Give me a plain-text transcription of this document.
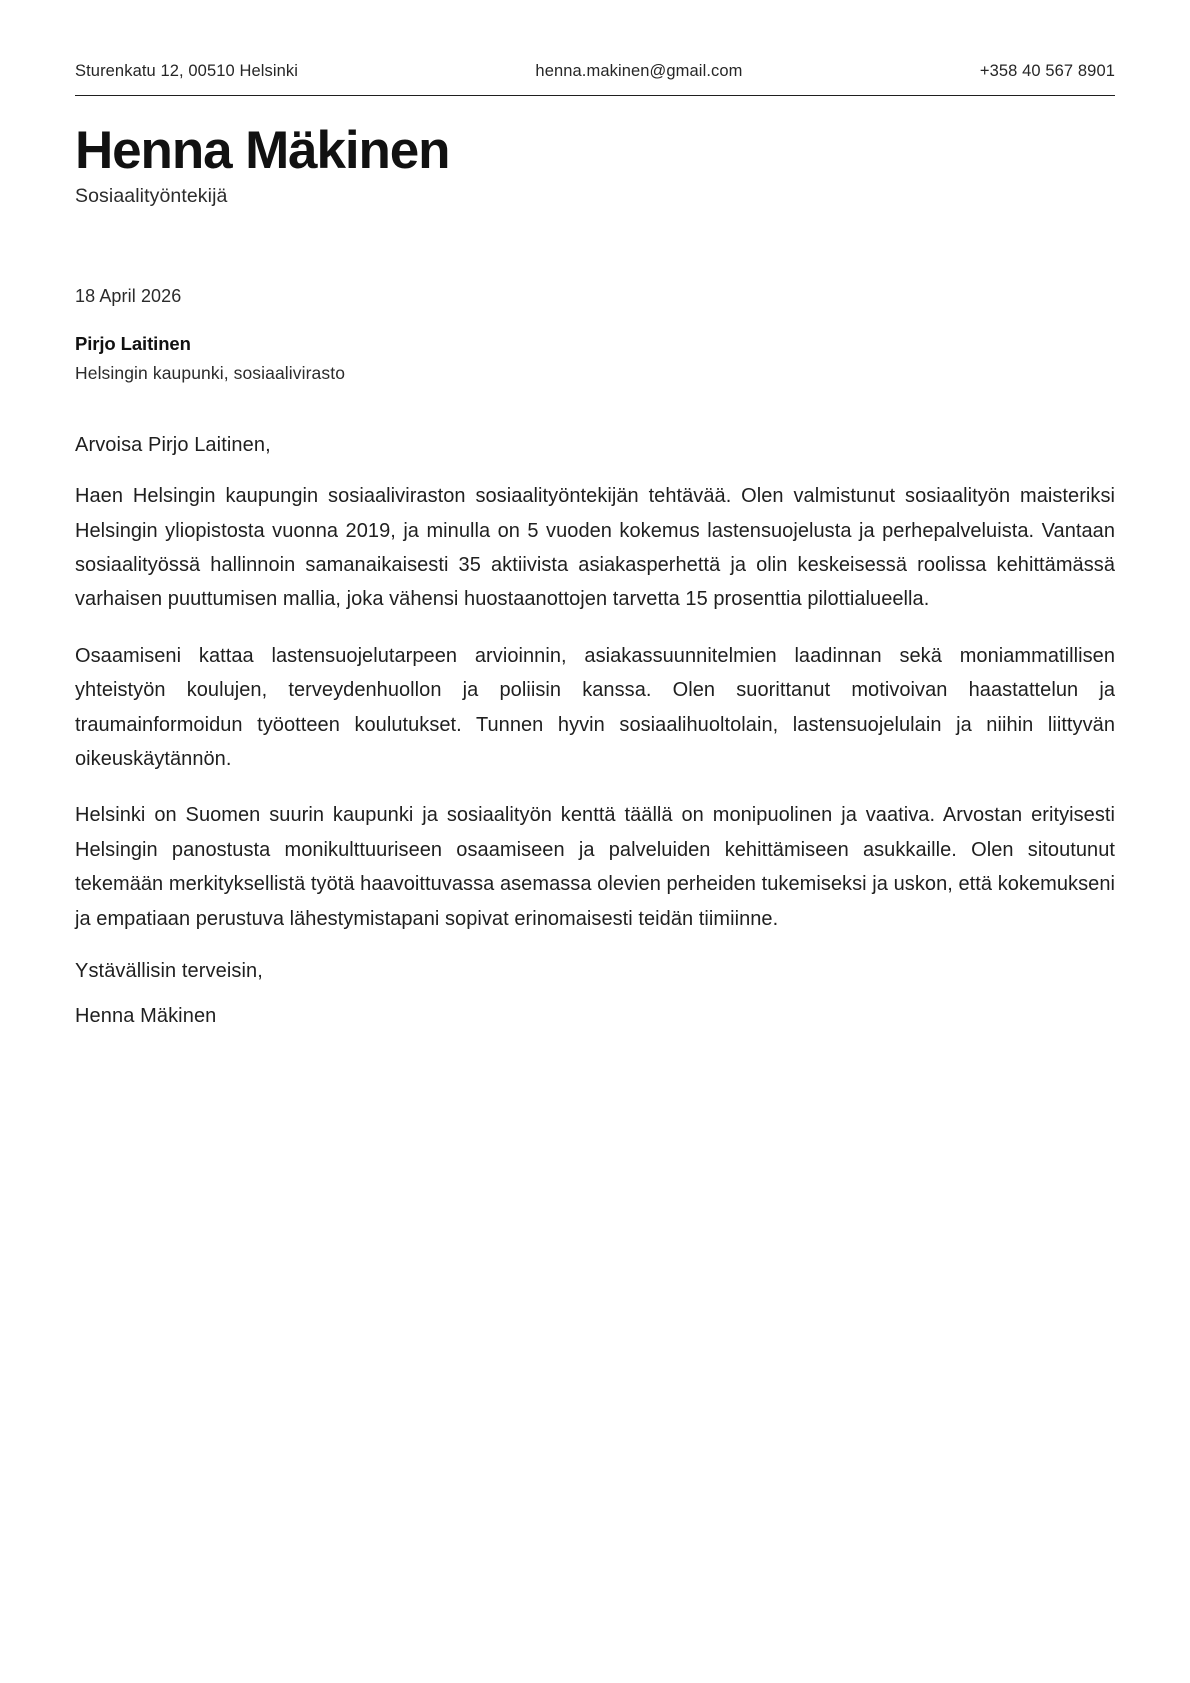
Sturenkatu 12, 00510 Helsinki	henna.makinen@gmail.com	+358 40 567 8901
Henna Mäkinen

Sosiaalityöntekijä

18 April 2026

Pirjo Laitinen

Helsingin kaupunki, sosiaalivirasto

Arvoisa Pirjo Laitinen,

Haen Helsingin kaupungin sosiaaliviraston sosiaalityöntekijän tehtävää. Olen valmistunut sosiaalityön maisteriksi Helsingin yliopistosta vuonna 2019, ja minulla on 5 vuoden kokemus lastensuojelusta ja perhepalveluista. Vantaan sosiaalityössä hallinnoin samanaikaisesti 35 aktiivista asiakasperhettä ja olin keskeisessä roolissa kehittämässä varhaisen puuttumisen mallia, joka vähensi huostaanottojen tarvetta 15 prosenttia pilottialueella.

Osaamiseni kattaa lastensuojelutarpeen arvioinnin, asiakassuunnitelmien laadinnan sekä moniammatillisen yhteistyön koulujen, terveydenhuollon ja poliisin kanssa. Olen suorittanut motivoivan haastattelun ja traumainformoidun työotteen koulutukset. Tunnen hyvin sosiaalihuoltolain, lastensuojelulain ja niihin liittyvän oikeuskäytännön.

Helsinki on Suomen suurin kaupunki ja sosiaalityön kenttä täällä on monipuolinen ja vaativa. Arvostan erityisesti Helsingin panostusta monikulttuuriseen osaamiseen ja palveluiden kehittämiseen asukkaille. Olen sitoutunut tekemään merkityksellistä työtä haavoittuvassa asemassa olevien perheiden tukemiseksi ja uskon, että kokemukseni ja empatiaan perustuva lähestymistapani sopivat erinomaisesti teidän tiimiinne.

Ystävällisin terveisin,

Henna Mäkinen
